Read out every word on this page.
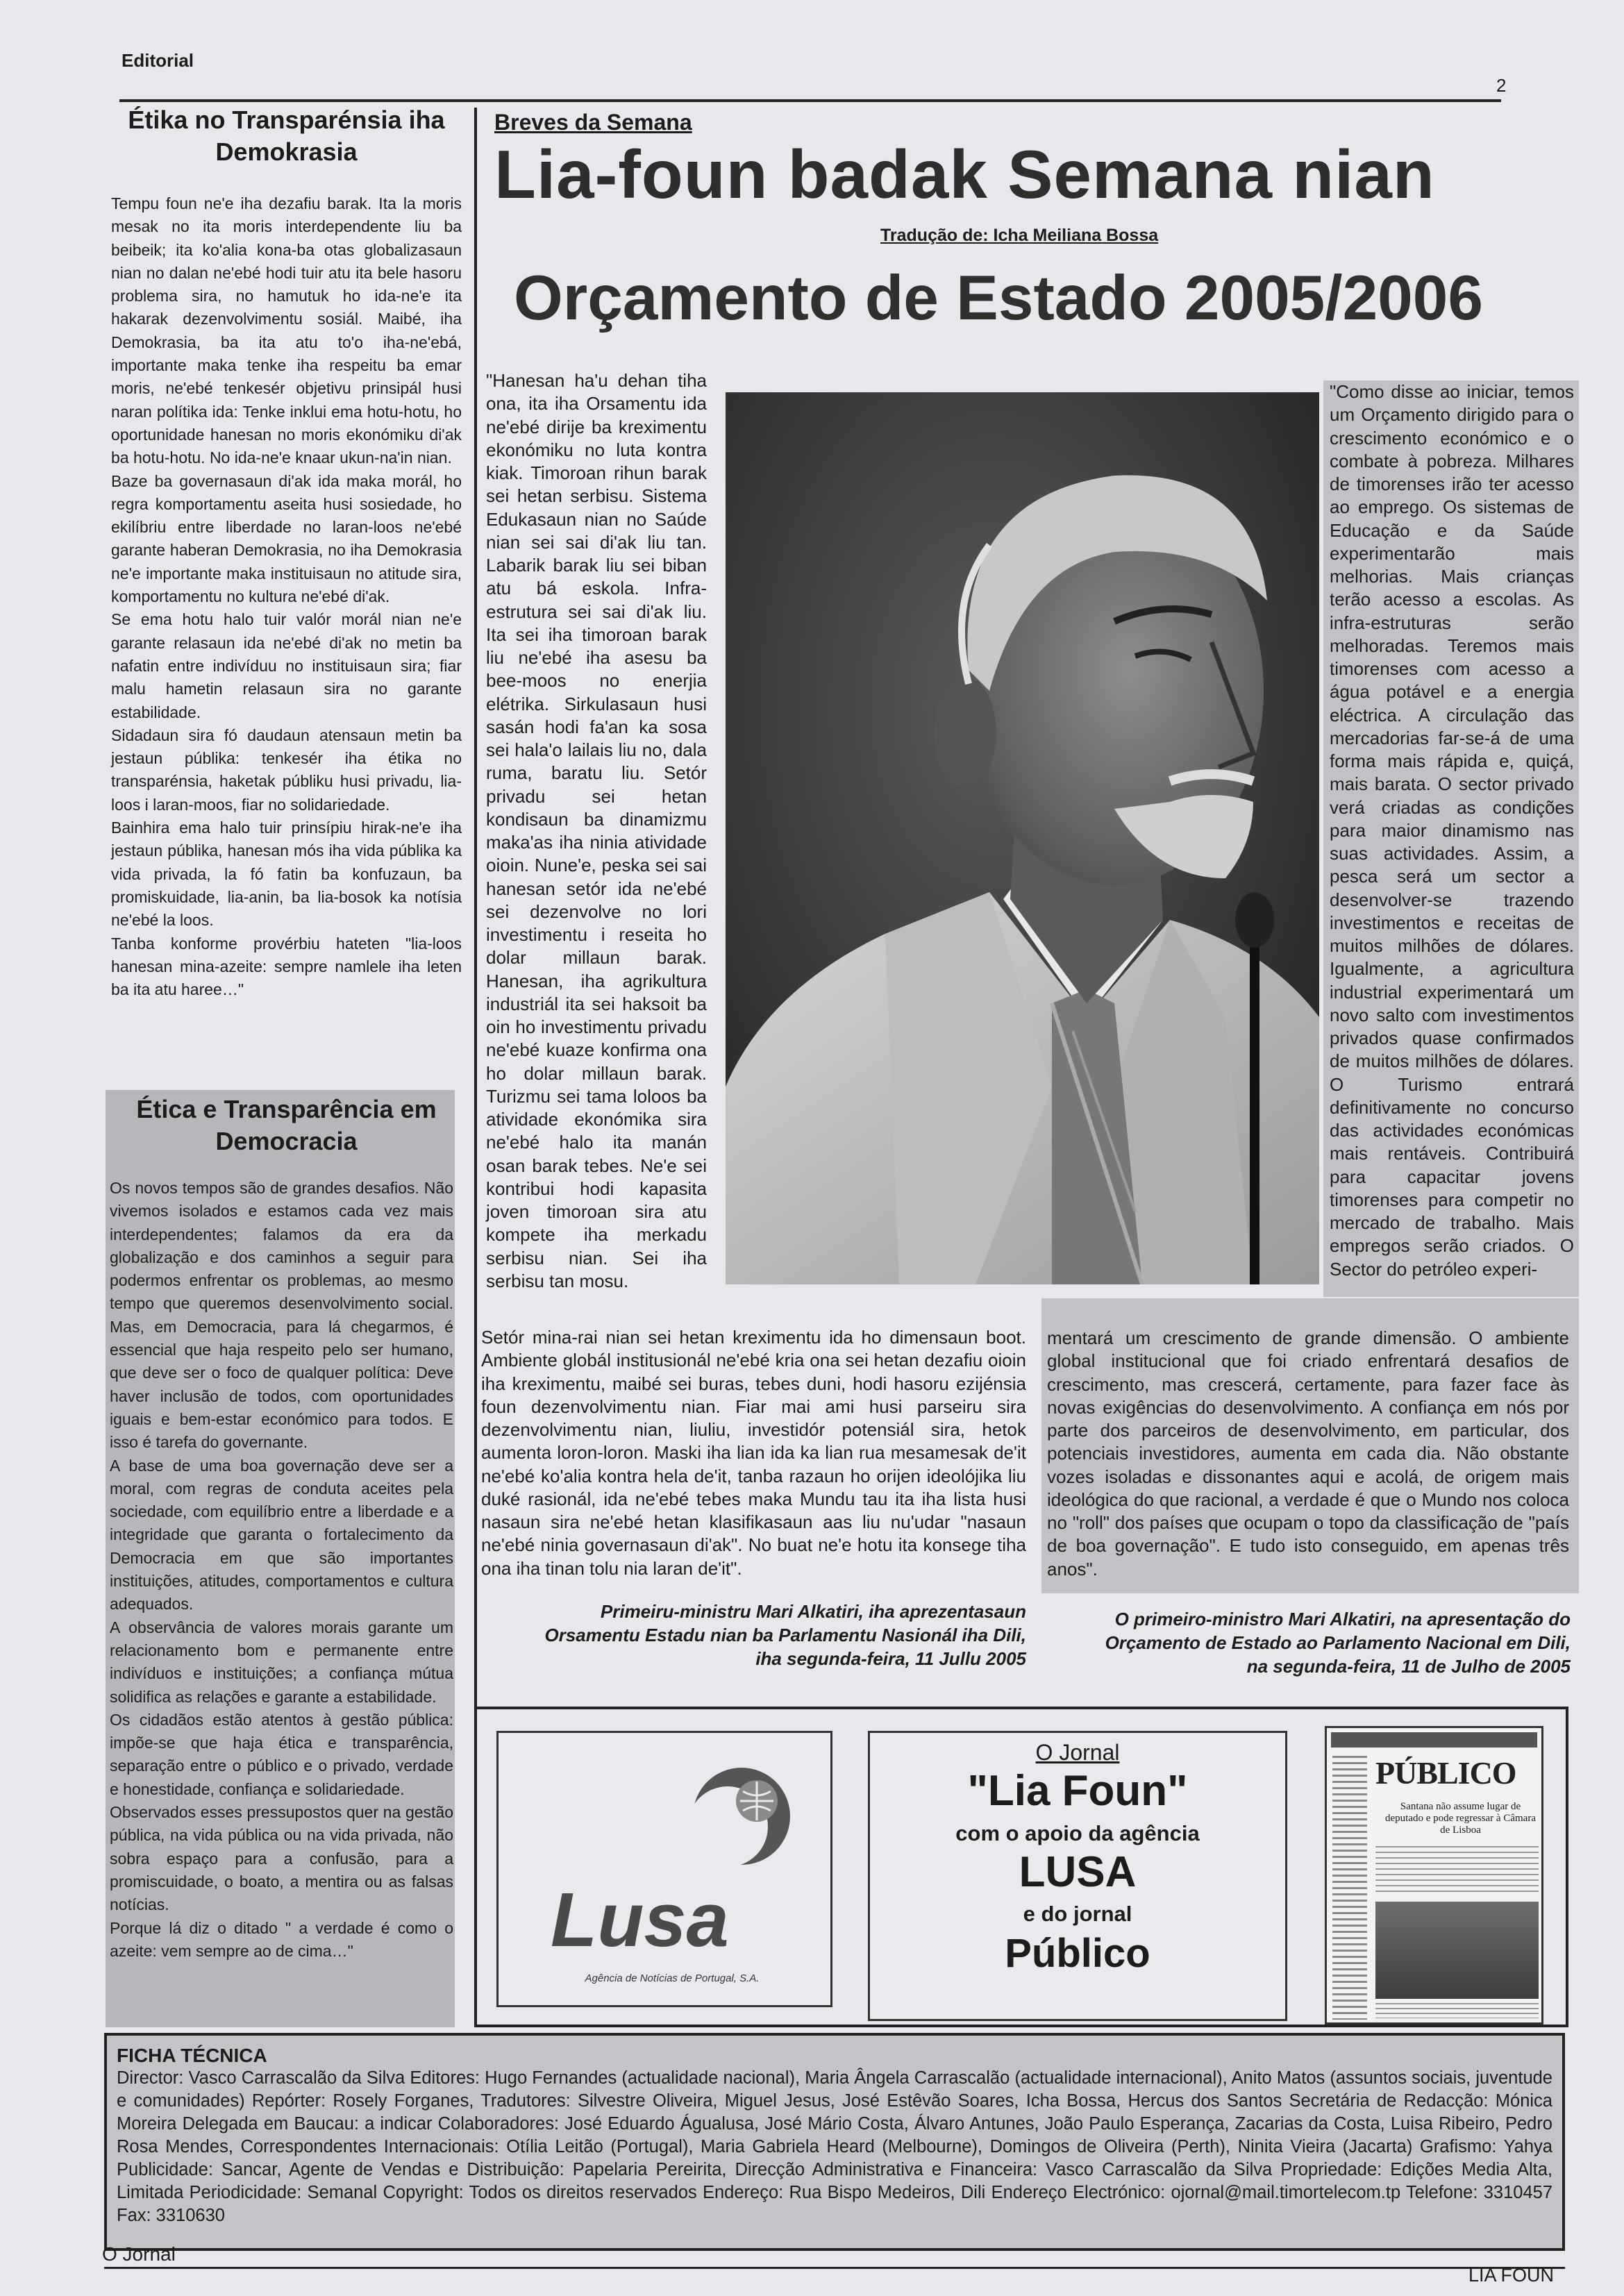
Editorial
2
Étika no Transparénsia iha Demokrasia

Tempu foun ne'e iha dezafiu barak. Ita la moris mesak no ita moris interdependente liu ba beibeik; ita ko'alia kona-ba otas globalizasaun nian no dalan ne'ebé hodi tuir atu ita bele hasoru problema sira, no hamutuk ho ida-ne'e ita hakarak dezenvolvimentu sosiál. Maibé, iha Demokrasia, ba ita atu to'o iha-ne'ebá, importante maka tenke iha respeitu ba emar moris, ne'ebé tenkesér objetivu prinsipál husi naran polítika ida: Tenke inklui ema hotu-hotu, ho oportunidade hanesan no moris ekonómiku di'ak ba hotu-hotu. No ida-ne'e knaar ukun-na'in nian.

Baze ba governasaun di'ak ida maka morál, ho regra komportamentu aseita husi sosiedade, ho ekilíbriu entre liberdade no laran-loos ne'ebé garante haberan Demokrasia, no iha Demokrasia ne'e importante maka instituisaun no atitude sira, komportamentu no kultura ne'ebé di'ak.

Se ema hotu halo tuir valór morál nian ne'e garante relasaun ida ne'ebé di'ak no metin ba nafatin entre indivíduu no instituisaun sira; fiar malu hametin relasaun sira no garante estabilidade.

Sidadaun sira fó daudaun atensaun metin ba jestaun públika: tenkesér iha étika no transparénsia, haketak públiku husi privadu, lia-loos i laran-moos, fiar no solidariedade.

Bainhira ema halo tuir prinsípiu hirak-ne'e iha jestaun públika, hanesan mós iha vida públika ka vida privada, la fó fatin ba konfuzaun, ba promiskuidade, lia-anin, ba lia-bosok ka notísia ne'ebé la loos.

Tanba konforme provérbiu hateten "lia-loos hanesan mina-azeite: sempre namlele iha leten ba ita atu haree…"

Ética e Transparência em Democracia

Os novos tempos são de grandes desafios. Não vivemos isolados e estamos cada vez mais interdependentes; falamos da era da globalização e dos caminhos a seguir para podermos enfrentar os problemas, ao mesmo tempo que queremos desenvolvimento social. Mas, em Democracia, para lá chegarmos, é essencial que haja respeito pelo ser humano, que deve ser o foco de qualquer política: Deve haver inclusão de todos, com oportunidades iguais e bem-estar económico para todos. E isso é tarefa do governante.

A base de uma boa governação deve ser a moral, com regras de conduta aceites pela sociedade, com equilíbrio entre a liberdade e a integridade que garanta o fortalecimento da Democracia em que são importantes instituições, atitudes, comportamentos e cultura adequados.

A observância de valores morais garante um relacionamento bom e permanente entre indivíduos e instituições; a confiança mútua solidifica as relações e garante a estabilidade.

Os cidadãos estão atentos à gestão pública: impõe-se que haja ética e transparência, separação entre o público e o privado, verdade e honestidade, confiança e solidariedade.

Observados esses pressupostos quer na gestão pública, na vida pública ou na vida privada, não sobra espaço para a confusão, para a promiscuidade, o boato, a mentira ou as falsas notícias.

Porque lá diz o ditado " a verdade é como o azeite: vem sempre ao de cima…"

Breves da Semana
Lia-foun badak Semana nian
Tradução de: Icha Meiliana Bossa
Orçamento de Estado 2005/2006
"Hanesan ha'u dehan tiha ona, ita iha Orsamentu ida ne'ebé dirije ba kreximentu ekonómiku no luta kontra kiak. Timoroan rihun barak sei hetan serbisu. Sistema Edukasaun nian no Saúde nian sei sai di'ak liu tan. Labarik barak liu sei biban atu bá eskola. Infra-estrutura sei sai di'ak liu. Ita sei iha timoroan barak liu ne'ebé iha asesu ba bee-moos no enerjia elétrika. Sirkulasaun husi sasán hodi fa'an ka sosa sei hala'o lailais liu no, dala ruma, baratu liu. Setór privadu sei hetan kondisaun ba dinamizmu maka'as iha ninia atividade oioin. Nune'e, peska sei sai hanesan setór ida ne'ebé sei dezenvolve no lori investimentu i reseita ho dolar millaun barak. Hanesan, iha agrikultura industriál ita sei haksoit ba oin ho investimentu privadu ne'ebé kuaze konfirma ona ho dolar millaun barak. Turizmu sei tama loloos ba atividade ekonómika sira ne'ebé halo ita manán osan barak tebes. Ne'e sei kontribui hodi kapasita joven timoroan sira atu kompete iha merkadu serbisu nian. Sei iha serbisu tan mosu.
Setór mina-rai nian sei hetan kreximentu ida ho dimensaun boot. Ambiente globál institusionál ne'ebé kria ona sei hetan dezafiu oioin iha kreximentu, maibé sei buras, tebes duni, hodi hasoru ezijénsia foun dezenvolvimentu nian. Fiar mai ami husi parseiru sira dezenvolvimentu nian, liuliu, investidór potensiál sira, hetok aumenta loron-loron. Maski iha lian ida ka lian rua mesamesak de'it ne'ebé ko'alia kontra hela de'it, tanba razaun ho orijen ideolójika liu duké rasionál, ida ne'ebé tebes maka Mundu tau ita iha lista husi nasaun sira ne'ebé hetan klasifikasaun aas liu nu'udar "nasaun ne'ebé ninia governasaun di'ak". No buat ne'e hotu ita konsege tiha ona iha tinan tolu nia laran de'it".
"Como disse ao iniciar, temos um Orçamento dirigido para o crescimento económico e o combate à pobreza. Milhares de timorenses irão ter acesso ao emprego. Os sistemas de Educação e da Saúde experimentarão mais melhorias. Mais crianças terão acesso a escolas. As infra-estruturas serão melhoradas. Teremos mais timorenses com acesso a água potável e a energia eléctrica. A circulação das mercadorias far-se-á de uma forma mais rápida e, quiçá, mais barata. O sector privado verá criadas as condições para maior dinamismo nas suas actividades. Assim, a pesca será um sector a desenvolver-se trazendo investimentos e receitas de muitos milhões de dólares. Igualmente, a agricultura industrial experimentará um novo salto com investimentos privados quase confirmados de muitos milhões de dólares. O Turismo entrará definitivamente no concurso das actividades económicas mais rentáveis. Contribuirá para capacitar jovens timorenses para competir no mercado de trabalho. Mais empregos serão criados. O Sector do petróleo experi-
mentará um crescimento de grande dimensão. O ambiente global institucional que foi criado enfrentará desafios de crescimento, mas crescerá, certamente, para fazer face às novas exigências do desenvolvimento. A confiança em nós por parte dos parceiros de desenvolvimento, em particular, dos potenciais investidores, aumenta em cada dia. Não obstante vozes isoladas e dissonantes aqui e acolá, de origem mais ideológica do que racional, a verdade é que o Mundo nos coloca no "roll" dos países que ocupam o topo da classificação de "país de boa governação". E tudo isto conseguido, em apenas três anos".
Primeiru-ministru Mari Alkatiri, iha aprezentasaun
Orsamentu Estadu nian ba Parlamentu Nasionál iha Dili,
iha segunda-feira, 11 Jullu 2005
O primeiro-ministro Mari Alkatiri, na apresentação do
Orçamento de Estado ao Parlamento Nacional em Dili,
na segunda-feira, 11 de Julho de 2005
Lusa
Agência de Notícias de Portugal, S.A.
O Jornal
"Lia Foun"
com o apoio da agência
LUSA
e do jornal
Público
PÚBLICO
Santana não assume lugar de deputado e pode regressar à Câmara de Lisboa
FICHA TÉCNICA
Director: Vasco Carrascalão da Silva Editores: Hugo Fernandes (actualidade nacional), Maria Ângela Carrascalão (actualidade internacional), Anito Matos (assuntos sociais, juventude e comunidades) Repórter: Rosely Forganes, Tradutores: Silvestre Oliveira, Miguel Jesus, José Estêvão Soares, Icha Bossa, Hercus dos Santos Secretária de Redacção: Mónica Moreira Delegada em Baucau: a indicar Colaboradores: José Eduardo Águalusa, José Mário Costa, Álvaro Antunes, João Paulo Esperança, Zacarias da Costa, Luisa Ribeiro, Pedro Rosa Mendes, Correspondentes Internacionais: Otília Leitão (Portugal), Maria Gabriela Heard (Melbourne), Domingos de Oliveira (Perth), Ninita Vieira (Jacarta) Grafismo: Yahya Publicidade: Sancar, Agente de Vendas e Distribuição: Papelaria Pereirita, Direcção Administrativa e Financeira: Vasco Carrascalão da Silva Propriedade: Edições Media Alta, Limitada Periodicidade: Semanal Copyright: Todos os direitos reservados Endereço: Rua Bispo Medeiros, Dili Endereço Electrónico: ojornal@mail.timortelecom.tp Telefone: 3310457 Fax: 3310630
O Jornal
LIA FOUN
